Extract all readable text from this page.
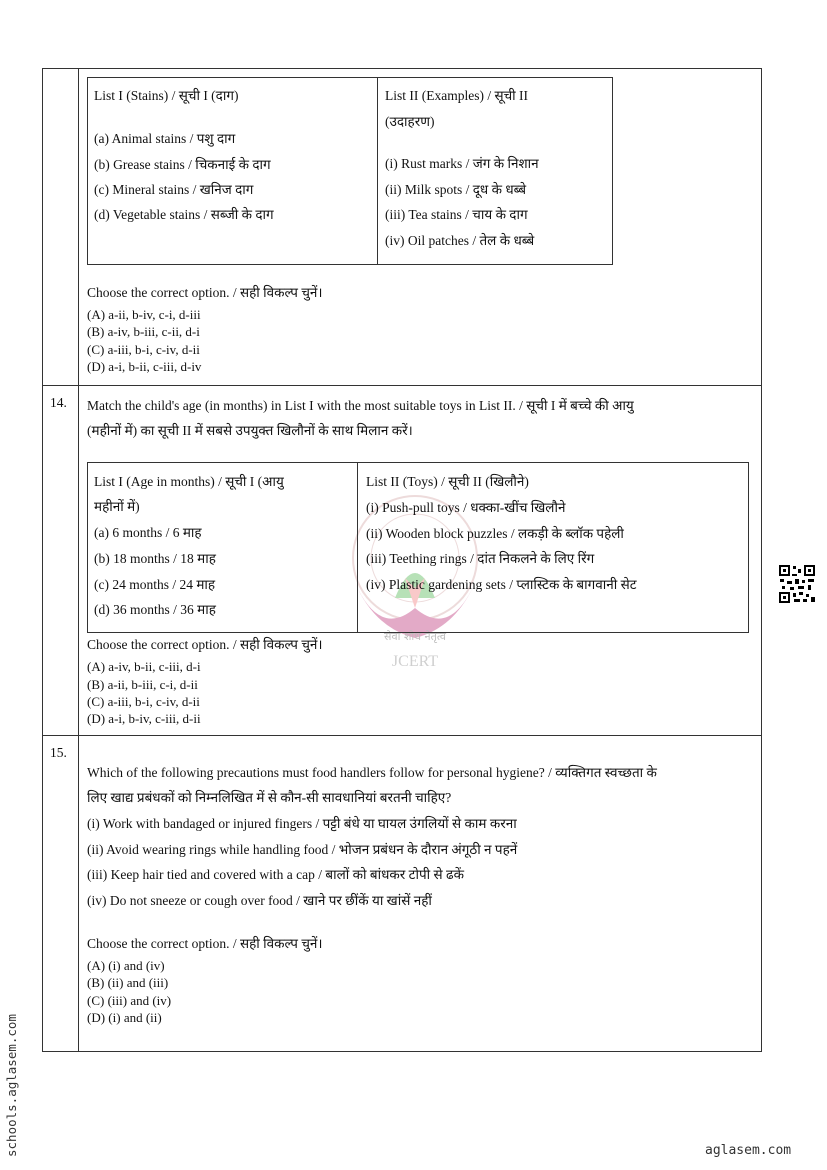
List I (Stains) / सूची I (दाग)
(a) Animal stains / पशु दाग
(b) Grease stains / चिकनाई के दाग
(c) Mineral stains / खनिज दाग
(d) Vegetable stains / सब्जी के दाग
List II (Examples) / सूची II
(उदाहरण)
(i) Rust marks / जंग के निशान
(ii) Milk spots / दूध के धब्बे
(iii) Tea stains / चाय के दाग
(iv) Oil patches / तेल के धब्बे
Choose the correct option. / सही विकल्प चुनें।
(A) a-ii, b-iv, c-i, d-iii
(B) a-iv, b-iii, c-ii, d-i
(C) a-iii, b-i, c-iv, d-ii
(D) a-i, b-ii, c-iii, d-iv
सेवा शोध नेतृत्व
JCERT
14. Match the child's age (in months) in List I with the most suitable toys in List II. / सूची I में बच्चे की आयु
(महीनों में) का सूची II में सबसे उपयुक्त खिलौनों के साथ मिलान करें।
List I (Age in months) / सूची I (आयु
महीनों में)
(a) 6 months / 6 माह
(b) 18 months / 18 माह
(c) 24 months / 24 माह
(d) 36 months / 36 माह
List II (Toys) / सूची II (खिलौने)
(i) Push-pull toys / धक्का-खींच खिलौने
(ii) Wooden block puzzles / लकड़ी के ब्लॉक पहेली
(iii) Teething rings / दांत निकलने के लिए रिंग
(iv) Plastic gardening sets / प्लास्टिक के बागवानी सेट
Choose the correct option. / सही विकल्प चुनें।
(A) a-iv, b-ii, c-iii, d-i
(B) a-ii, b-iii, c-i, d-ii
(C) a-iii, b-i, c-iv, d-ii
(D) a-i, b-iv, c-iii, d-ii
15.
Which of the following precautions must food handlers follow for personal hygiene? / व्यक्तिगत स्वच्छता के
लिए खाद्य प्रबंधकों को निम्नलिखित में से कौन-सी सावधानियां बरतनी चाहिए?
(i) Work with bandaged or injured fingers / पट्टी बंधे या घायल उंगलियों से काम करना
(ii) Avoid wearing rings while handling food / भोजन प्रबंधन के दौरान अंगूठी न पहनें
(iii) Keep hair tied and covered with a cap / बालों को बांधकर टोपी से ढकें
(iv) Do not sneeze or cough over food / खाने पर छींकें या खांसें नहीं
Choose the correct option. / सही विकल्प चुनें।
(A) (i) and (iv)
(B) (ii) and (iii)
(C) (iii) and (iv)
(D) (i) and (ii)
schools.aglasem.com	aglasem.com
